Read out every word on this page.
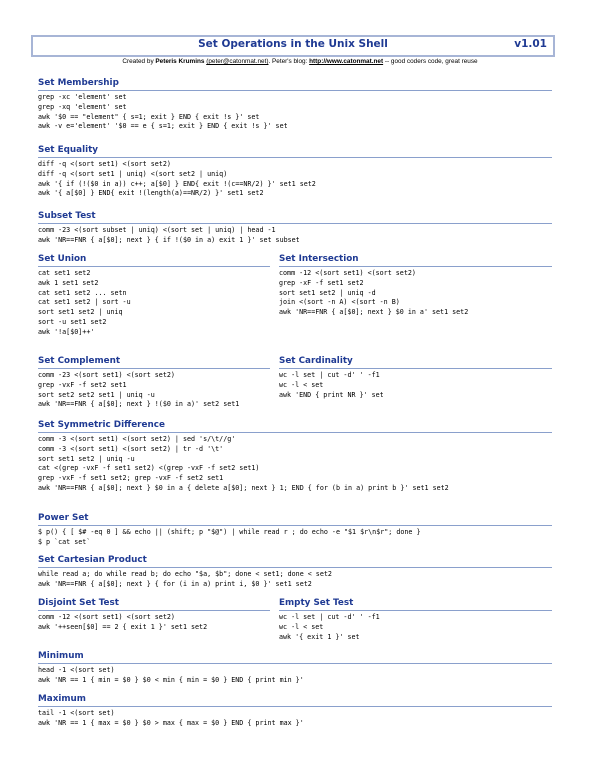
Set Operations in the Unix Shell	v1.01
Created by Peteris Krumins (peter@catonmat.net). Peter's blog: http://www.catonmat.net -- good coders code, great reuse
Set Membership
grep -xc 'element' set
grep -xq 'element' set
awk '$0 == "element" { s=1; exit } END { exit !s }' set
awk -v e='element' '$0 == e { s=1; exit } END { exit !s }' set
Set Equality
diff -q <(sort set1) <(sort set2)
diff -q <(sort set1 | uniq) <(sort set2 | uniq)
awk '{ if (!($0 in a)) c++; a[$0] } END{ exit !(c==NR/2) }' set1 set2
awk '{ a[$0] } END{ exit !(length(a)==NR/2) }' set1 set2
Subset Test
comm -23 <(sort subset | uniq) <(sort set | uniq) | head -1
awk 'NR==FNR { a[$0]; next } { if !($0 in a) exit 1 }' set subset
Set Union
cat set1 set2
awk 1 set1 set2
cat set1 set2 ... setn
cat set1 set2 | sort -u
sort set1 set2 | uniq
sort -u set1 set2
awk '!a[$0]++'
Set Intersection
comm -12 <(sort set1) <(sort set2)
grep -xF -f set1 set2
sort set1 set2 | uniq -d
join <(sort -n A) <(sort -n B)
awk 'NR==FNR { a[$0]; next } $0 in a' set1 set2
Set Complement
comm -23 <(sort set1) <(sort set2)
grep -vxF -f set2 set1
sort set2 set2 set1 | uniq -u
awk 'NR==FNR { a[$0]; next } !($0 in a)' set2 set1
Set Cardinality
wc -l set | cut -d' ' -f1
wc -l < set
awk 'END { print NR }' set
Set Symmetric Difference
comm -3 <(sort set1) <(sort set2) | sed 's/\t//g'
comm -3 <(sort set1) <(sort set2) | tr -d '\t'
sort set1 set2 | uniq -u
cat <(grep -vxF -f set1 set2) <(grep -vxF -f set2 set1)
grep -vxF -f set1 set2; grep -vxF -f set2 set1
awk 'NR==FNR { a[$0]; next } $0 in a { delete a[$0]; next } 1; END { for (b in a) print b }' set1 set2
Power Set
$ p() { [ $# -eq 0 ] && echo || (shift; p "$@") | while read r ; do echo -e "$1 $r\n$r"; done }
$ p `cat set`
Set Cartesian Product
while read a; do while read b; do echo "$a, $b"; done < set1; done < set2
awk 'NR==FNR { a[$0]; next } { for (i in a) print i, $0 }' set1 set2
Disjoint Set Test
comm -12 <(sort set1) <(sort set2)
awk '++seen[$0] == 2 { exit 1 }' set1 set2
Empty Set Test
wc -l set | cut -d' ' -f1
wc -l < set
awk '{ exit 1 }' set
Minimum
head -1 <(sort set)
awk 'NR == 1 { min = $0 } $0 < min { min = $0 } END { print min }'
Maximum
tail -1 <(sort set)
awk 'NR == 1 { max = $0 } $0 > max { max = $0 } END { print max }'
